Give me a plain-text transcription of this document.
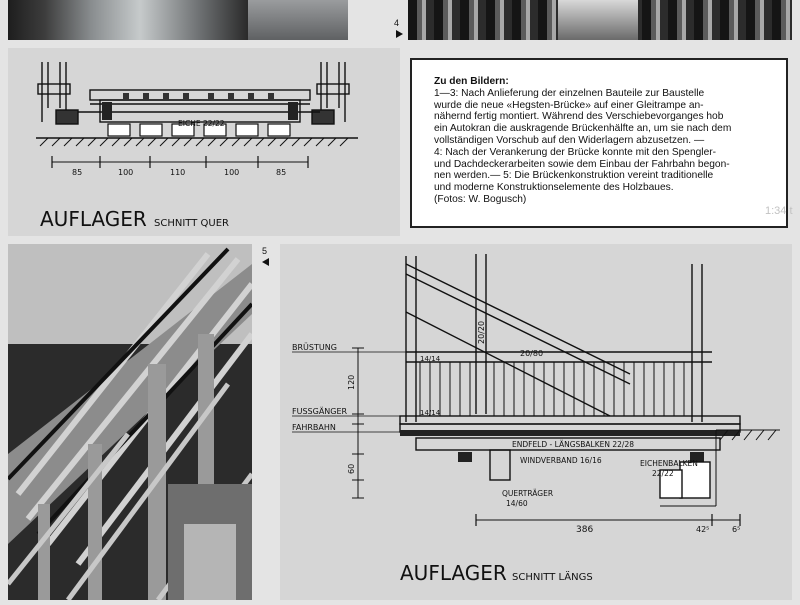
4

EICHE 22/22
85	100	110	100	85
AUFLAGER SCHNITT QUER
Zu den Bildern:

1—3: Nach Anlieferung der einzelnen Bauteile zur Baustelle

wurde die neue «Hegsten-Brücke» auf einer Gleitrampe an-

nähernd fertig montiert. Während des Verschiebevorganges hob

ein Autokran die auskragende Brückenhälfte an, um sie nach dem

vollständigen Vorschub auf den Widerlagern abzusetzen. —

4: Nach der Verankerung der Brücke konnte mit den Spengler-

und Dachdeckerarbeiten sowie dem Einbau der Fahrbahn begon-

nen werden.— 5: Die Brückenkonstruktion vereint traditionelle

und moderne Konstruktionselemente des Holzbaues.

(Fotos: W. Bogusch)

1:34 t
5

BRÜSTUNG
FUSSGÄNGER
FAHRBAHN
20/20
20/80
14/14
14/14
ENDFELD - LÄNGSBALKEN 22/28
WINDVERBAND 16/16	EICHENBALKEN
22/22
QUERTRÄGER
14/60
120
60
386	42⁵	6⁵
AUFLAGER SCHNITT LÄNGS
